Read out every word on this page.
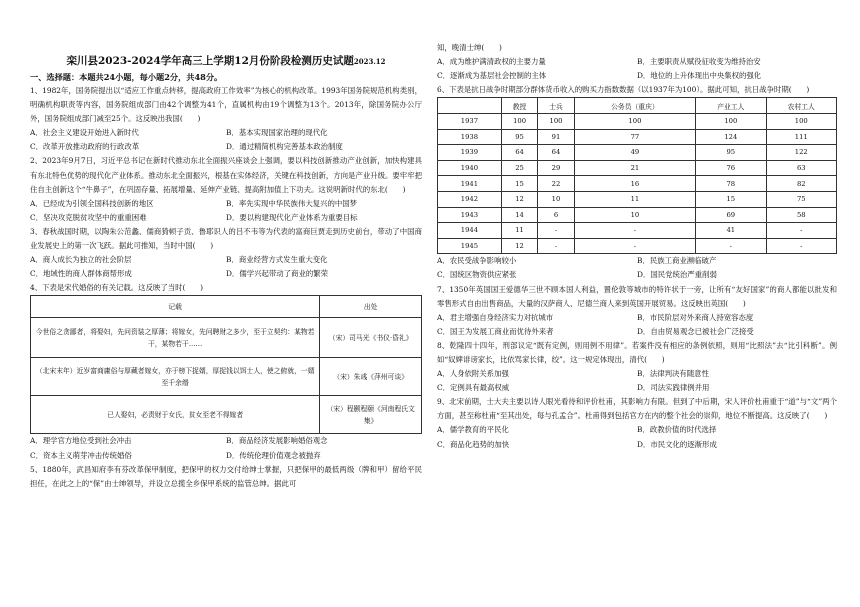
栾川县2023-2024学年高三上学期12月份阶段检测历史试题2023.12
一、选择题：本题共24小题，每小题2分，共48分。

1、1982年，国务院提出以“适应工作重点转移，提高政府工作效率”为核心的机构改革。1993年国务院规范机构类别，明确机构职责等内容，国务院组成部门由42个调整为41个，直属机构由19个调整为13个。2013年，除国务院办公厅外，国务院组成部门减至25个。这反映出我国(　　)

A．社会主义建设开始进入新时代	B．基本实现国家治理的现代化
C．改革开放推动政府的行政改革	D．通过精简机构完善基本政治制度

2、2023年9月7日，习近平总书记在新时代推动东北全面振兴座谈会上强调，要以科技创新推动产业创新，加快构建具有东北特色优势的现代化产业体系。推动东北全面振兴，根基在实体经济，关键在科技创新，方向是产业升级。要牢牢把住自主创新这个“牛鼻子”，在巩固存量、拓展增量、延伸产业链、提高附加值上下功夫。这说明新时代的东北(　　)

A．已经成为引领全国科技创新的地区	B．率先实现中华民族伟大复兴的中国梦
C．坚决攻克脱贫攻坚中的重重困难	D．要以构建现代化产业体系为重要目标

3、春秋战国时期，以陶朱公范蠡、儒商猗顿子贡、鲁耶识人的吕不韦等为代表的富商巨贾走到历史前台，带动了中国商业发展史上的第一次飞跃。据此可推知，当时中国(　　)

A．商人成长为独立的社会阶层	B．商业经营方式发生重大变化
C．地域性的商人群体商帮形成	D．儒学兴起带动了商业的繁荣

4、下表是宋代婚俗的有关记载。这反映了当时(　　)

记载	出处
今世俗之贪鄙者，将娶妇，先问资装之厚薄；将嫁女，先问聘财之多少，至于立契约：某物若干，某物若干……	（宋）司马光《书仪·昏礼》
（北宋末年）近岁富商庸俗与厚藏者嫁女，亦于榜下捉婿，厚捉钱以饵士人，使之俯就，一婿至千余缗	（宋）朱彧《萍州可谈》
已人娶妇，必责财于女氏，贫女至老不得嫁者	（宋）程颢程颐《河南程氏文集》
A．理学官方地位受到社会冲击	B．商品经济发展影响婚俗观念
C．资本主义萌芽冲击传统婚俗	D．传统伦理价值观念被抛弃

5、1880年，武昌知府李有芬改革保甲制度，把保甲的权力交付给绅士掌握，只把保甲的最低两级（牌和甲）留给平民担任，在此之上的“保”由士绅领导，并设立总揽全乡保甲系统的监管总绅。据此可

知，晚清士绅(　　)

A．成为维护满清政权的主要力量	B．主要职责从赋役征收变为维持治安
C．逐渐成为基层社会控制的主体	D．地位的上升体现出中央集权的强化

6、下表是抗日战争时期部分群体货币收入的购买力指数数据（以1937年为100）。据此可知，抗日战争时期(　　)

	教授	士兵	公务员（重庆）	产业工人	农村工人
1937	100	100	100	100	100
1938	95	91	77	124	111
1939	64	64	49	95	122
1940	25	29	21	76	63
1941	15	22	16	78	82
1942	12	10	11	15	75
1943	14	6	10	69	58
1944	11	-	-	41	-
1945	12	-	-	-	-
A．农民受战争影响较小	B．民族工商业濒临破产
C．国统区物资供应紧张	D．国民党统治严重削弱

7、1350年英国国王爱德华三世不顾本国人利益，置伦敦等城市的特许状于一旁，让所有“友好国家”的商人都能以批发和零售形式自由出售商品，大量的汉萨商人、尼德兰商人来到英国开展贸易。这反映出英国(　　)

A．君主增强自身经济实力对抗城市	B．市民阶层对外来商人持宽容态度
C．国王为发展工商业而优待外来者	D．自由贸易观念已被社会广泛接受

8、乾隆四十四年，刑部议定“既有定例，则用例不用律”。若案件没有相应的条例依照，则用“比照法”去“比引科断”。例如“奴婢诽谤家长，比依骂家长律，绞”。这一规定体现出，清代(　　)

A．人身依附关系加强	B．法律判决有随意性
C．定例具有最高权威	D．司法实践律例并用

9、北宋前期，士大夫主要以诗人眼光看待和评价杜甫，其影响力有限。但到了中后期，宋人评价杜甫重于“道”与“文”两个方面，甚至称杜甫“至其出处，每与孔孟合”。杜甫得到包括官方在内的整个社会的崇仰，地位不断提高。这反映了(　　)

A．儒学教育的平民化	B．政教价值的时代选择
C．商品化趋势的加快	D．市民文化的逐渐形成
